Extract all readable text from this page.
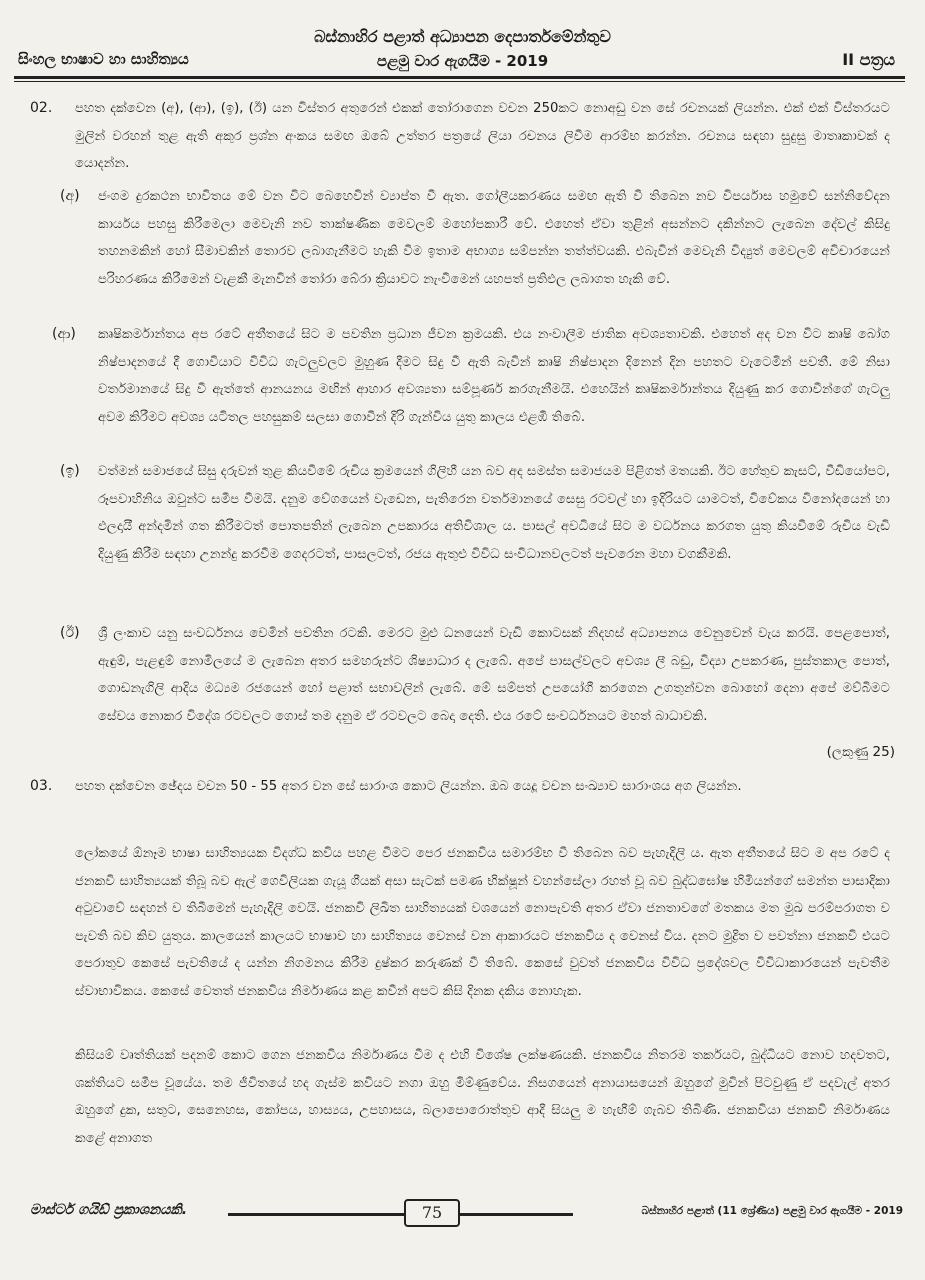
බස්නාහිර පළාත් අධ්‍යාපන දෙපාර්තමේන්තුව
පළමු වාර ඇගයීම - 2019
සිංහල භාෂාව හා සාහිත්‍යය	II පත්‍රය
02. පහත දක්වෙන (අ), (ආ), (ඉ), (ඊ) යන විස්තර අතුරෙන් එකක් තෝරාගෙන වචන 250කට නොඅඩු වන සේ රචනයක් ලියන්න. එක් එක් විස්තරයට මුලින් වරහන් තුළ ඇති අකුර ප්‍රශ්න අංකය සමඟ ඔබේ උත්තර පත්‍රයේ ලියා රචනය ලිවීම ආරම්භ කරන්න. රචනය සඳහා සුදුසු මාතෘකාවක් ද යොදන්න.
(අ) ජංගම දුරකථන භාවිතය මේ වන විට බෙහෙවින් ව්‍යාප්ත වී ඇත. ගෝලීයකරණය සමඟ ඇති වී තිබෙන නව විපර්යාස හමුවේ සන්නිවේදන කාර්යය පහසු කිරීමෙලා මෙවැනි නව තාක්ෂණික මෙවලම් මහෝපකාරී වේ. එහෙත් ඒවා තුළින් අසන්නට දකින්නට ලැබෙන දේවල් කිසිදු තහනමකින් හෝ සීමාවකින් තොරව ලබාගැනීමට හැකි වීම ඉතාම අභාග්‍ය සම්පන්න තත්ත්වයකි. එබැවින් මෙවැනි විද්‍යුත් මෙවලම් අවිචාරයෙන් පරිහරණය කිරීමෙන් වැළකී මැනවින් තෝරා බේරා ක්‍රියාවට නැංවීමෙන් යහපත් ප්‍රතිඵල ලබාගත හැකි වේ.
(ආ) කෘෂිකර්මාන්තය අප රටේ අතීතයේ සිට ම පවතින ප්‍රධාන ජීවන ක්‍රමයකි. එය නංවාලීම ජාතික අවශ්‍යතාවකි. එහෙත් අද වන විට කෘෂි බෝග නිෂ්පාදනයේ දී ගොවියාට විවිධ ගැටලුවලට මුහුණ දීමට සිදු වී ඇති බැවින් කෘෂි නිෂ්පාදන දිනෙන් දින පහතට වැටෙමින් පවතී. මේ නිසා වර්තමානයේ සිදු වී ඇත්තේ ආනයනය මඟින් ආහාර අවශ්‍යතා සම්පූර්ණ කරගැනීමයි. එහෙයින් කෘෂිකර්මාන්තය දියුණු කර ගොවීන්ගේ ගැටලු අවම කිරීමට අවශ්‍ය යටිතල පහසුකම් සලසා ගොවීන් දිරි ගැන්විය යුතු කාලය එළඹී තිබේ.
(ඉ) වත්මන් සමාජයේ සිසු දරුවන් තුළ කියවීමේ රුචිය ක්‍රමයෙන් ගිලිහී යන බව අද සමස්ත සමාජයම පිළිගත් මතයකි. ඊට හේතුව කැසට්, වීඩියෝපට, රූපවාහිනිය ඔවුන්ට සමීප වීමයි. දනුම වේගයෙන් වැඩෙන, පැතිරෙන වර්තමානයේ සෙසු රටවල් හා ඉදිරියට යාමටත්, විවේකය විනෝදයෙන් හා ඵලදායී අන්දමින් ගත කිරීමටත් පොතපතින් ලැබෙන උපකාරය අතිවිශාල ය. පාසල් අවධියේ සිට ම වර්ධනය කරගත යුතු කියවීමේ රුචිය වැඩි දියුණු කිරීම සඳහා උනන්දු කරවීම ගෙදරටත්, පාසලටත්, රජය ඇතුළු විවිධ සංවිධානවලටත් පැවරෙන මහා වගකීමකි.
(ඊ) ශ්‍රී ලංකාව යනු සංවර්ධනය වෙමින් පවතින රටකි. මෙරට මුළු ධනයෙන් වැඩි කොටසක් නිදහස් අධ්‍යාපනය වෙනුවෙන් වැය කරයි. පෙළපොත්, ඇඳුම්, පැළඳුම් නොමිලයේ ම ලැබෙන අතර සමහරුන්ට ශිෂ්‍යාධාර ද ලැබේ. අපේ පාසල්වලට අවශ්‍ය ලී බඩු, විද්‍යා උපකරණ, පුස්තකාල පොත්, ගොඩනැගිලි ආදිය මධ්‍යම රජයෙන් හෝ පළාත් සභාවලින් ලැබේ. මේ සම්පත් උපයෝගී කරගෙන උගතුන්වන බොහෝ දෙනා අපේ මව්බිමට සේවය නොකර විදේශ රටවලට ගොස් තම දනුම ඒ රටවලට බෙදා දෙති. එය රටේ සංවර්ධනයට මහත් බාධාවකි.
(ලකුණු 25)
03. පහත දක්වෙන ඡේදය වචන 50 - 55 අතර වන සේ සාරාංශ කොට ලියන්න. ඔබ යෙදූ වචන සංඛ්‍යාව සාරාංශය අග ලියන්න.
ලෝකයේ ඕනෑම භාෂා සාහිත්‍යයක විදග්ධ කවිය පහළ වීමට පෙර ජනකවිය සමාරම්භ වී තිබෙන බව පැහැදිලි ය. ඇත අතීතයේ සිට ම අප රටේ ද ජනකවි සාහිත්‍යයක් තිබූ බව ඇල් ගෙවිලියක ගැයූ ගීයක් අසා සැටක් පමණ භික්ෂූන් වහන්සේලා රහත් වූ බව බුද්ධඝෝෂ හිමියන්ගේ සමන්ත පාසාදිකා අටුවාවේ සඳහන් ව තිබීමෙන් පැහැදිලි වෙයි. ජනකවි ලිඛිත සාහිත්‍යයක් වශයෙන් නොපැවති අතර ඒවා ජනතාවගේ මතකය මත මුඛ පරම්පරාගත ව පැවති බව කිව යුතුය. කාලයෙන් කාලයට භාෂාව හා සාහිත්‍යය වෙනස් වන ආකාරයට ජනකවිය ද වෙනස් විය. දනට මුද්‍රිත ව පවත්නා ජනකවි එයට පෙරාතුව කෙසේ පැවතියේ ද යන්න නිගමනය කිරීම දුෂ්කර කරුණක් වී තිබේ. කෙසේ වුවත් ජනකවිය විවිධ ප්‍රදේශවල විවිධාකාරයෙන් පැවතීම ස්වාභාවිකය. කෙසේ වෙතත් ජනකවිය නිර්මාණය කළ කවීන් අපට කිසි දිනක දකිය නොහැක.
කිසියම් වෘත්තියක් පදනම් කොට ගෙන ජනකවිය නිර්මාණය වීම ද එහි විශේෂ ලක්ෂණයකි. ජනකවිය නිතරම තර්කයට, බුද්ධියට නොව හදවතට, ශක්තියට සමීප වූයේය. තම ජීවිතයේ හද ගැස්ම කවියට නගා ඔහු මිම්ණුවේය. නිසගයෙන් අනායාසයෙන් ඔහුගේ මුවින් පිටවුණු ඒ පදවැල් අතර ඔහුගේ දුක, සතුට, සෙනෙහස, කෝපය, හාස්‍යය, උපහාසය, බලාපොරොත්තුව ආදී සියලු ම හැඟීම් ගැබව තිබිණි. ජනකවියා ජනකවි නිර්මාණය කළේ අනාගත
මාස්ටර් ගයිඩ් ප්‍රකාශනයකි.	75	බස්නාහිර පළාත් (11 ශ්‍රේණිය) පළමු වාර ඇගයීම - 2019
